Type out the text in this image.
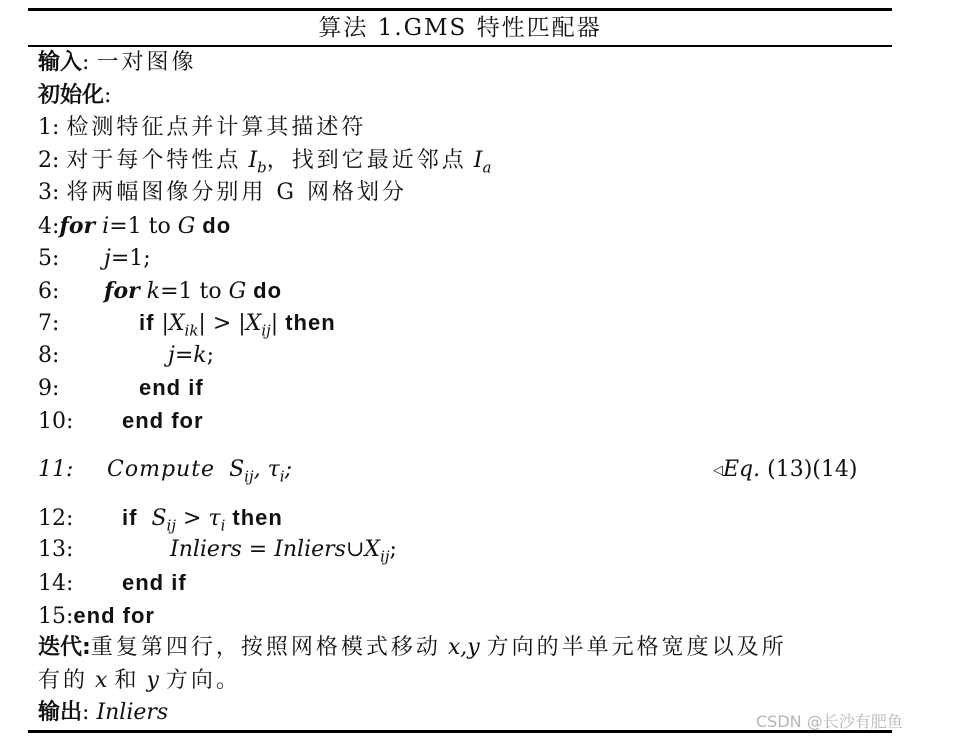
算法 1.GMS 特性匹配器
输入: 一对图像
初始化:
1: 检测特征点并计算其描述符
2: 对于每个特性点 $I_b$，找到它最近邻点 $I_a$
3: 将两幅图像分别用 G 网格划分
4:for i=1 to G do
5: j=1;
6: for k=1 to G do
7:	if $|X_{ik}| > |X_{ij}|$ then
8:	j=k;
9:	end if
10: end for
11: Compute $S_{ij}$, $\tau_i$;	◁Eq. (13)(14)
12: if $S_{ij} > \tau_i$ then
13:	Inliers = $Inliers\cup X_{ij}$;
14: end if
15:end for
迭代:重复第四行，按照网格模式移动 x,y 方向的半单元格宽度以及所
有的 x 和 y 方向。
输出: Inliers	CSDN @长沙有肥鱼
